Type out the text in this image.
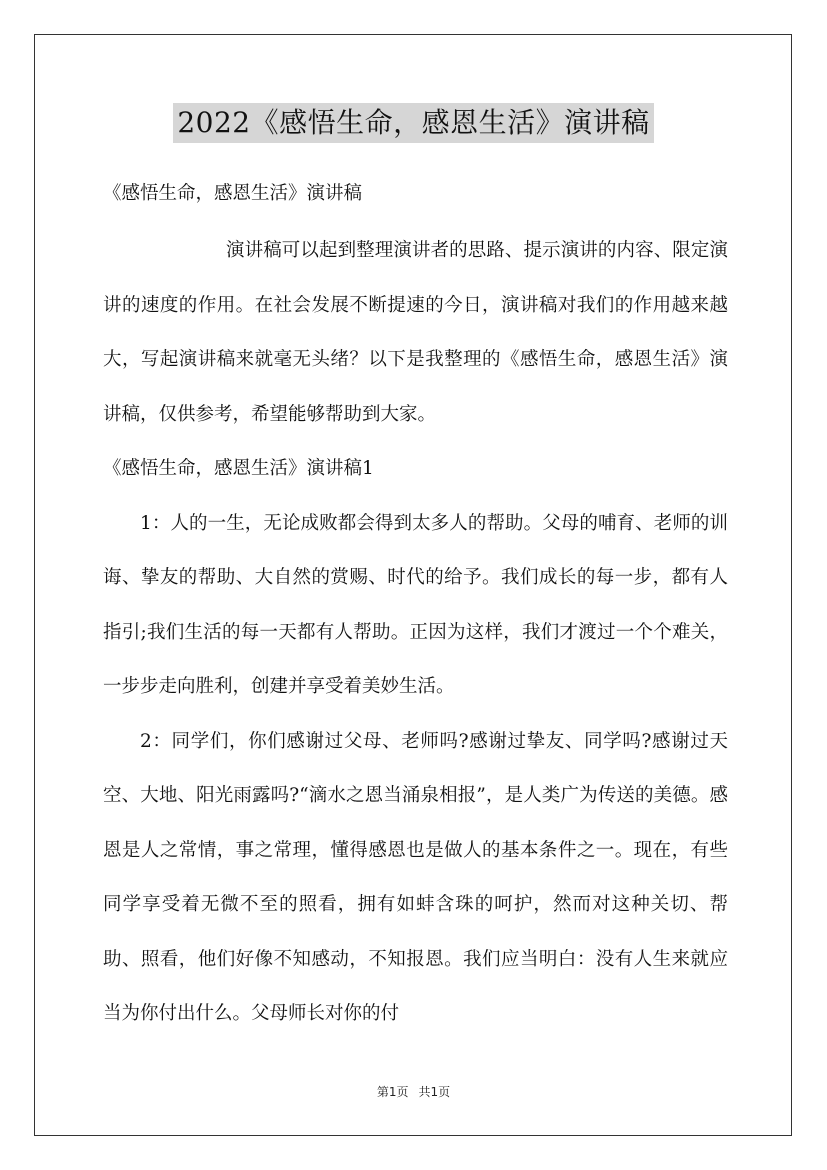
2022《感悟生命，感恩生活》演讲稿
《感悟生命，感恩生活》演讲稿

演讲稿可以起到整理演讲者的思路、提示演讲的内容、限定演讲的速度的作用。在社会发展不断提速的今日，演讲稿对我们的作用越来越大，写起演讲稿来就毫无头绪？以下是我整理的《感悟生命，感恩生活》演讲稿，仅供参考，希望能够帮助到大家。

《感悟生命，感恩生活》演讲稿1

1：人的一生，无论成败都会得到太多人的帮助。父母的哺育、老师的训诲、挚友的帮助、大自然的赏赐、时代的给予。我们成长的每一步，都有人指引;我们生活的每一天都有人帮助。正因为这样，我们才渡过一个个难关，一步步走向胜利，创建并享受着美妙生活。

2：同学们，你们感谢过父母、老师吗?感谢过挚友、同学吗?感谢过天空、大地、阳光雨露吗?“滴水之恩当涌泉相报”，是人类广为传送的美德。感恩是人之常情，事之常理，懂得感恩也是做人的基本条件之一。现在，有些同学享受着无微不至的照看，拥有如蚌含珠的呵护，然而对这种关切、帮助、照看，他们好像不知感动，不知报恩。我们应当明白：没有人生来就应当为你付出什么。父母师长对你的付

第1页 共1页
